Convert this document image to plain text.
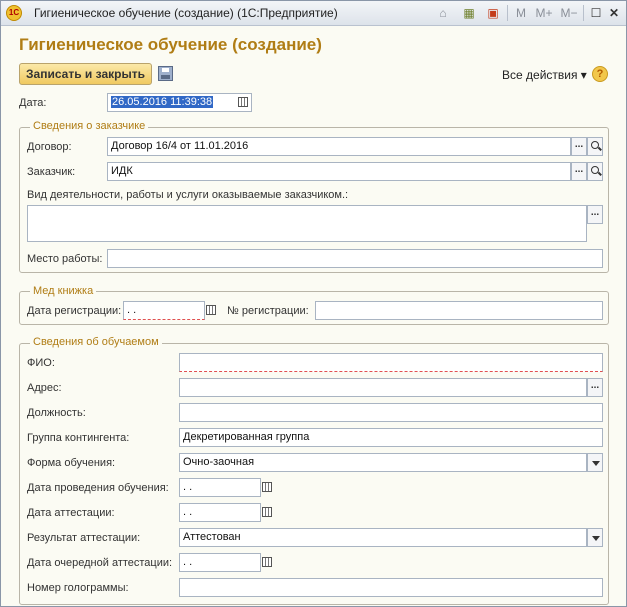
1С Гигиеническое обучение (создание) (1С:Предприятие)	⌂	▦ ▣ M M+ M− ☐ ✕
Гигиеническое обучение (создание)
Записать и закрыть	Все действия ▾ ?
Дата:	26.05.2016 11:39:38
Сведения о заказчике
Договор:	Договор 16/4 от 11.01.2016	...
Заказчик:	ИДК	...
Вид деятельности, работы и услуги оказываемые заказчиком.:
...
Место работы:
Мед книжка
Дата регистрации: . .	№ регистрации:
Сведения об обучаемом
ФИО:
Адрес:	...
Должность:
Группа контингента:	Декретированная группа
Форма обучения:	Очно-заочная
Дата проведения обучения:	. .
Дата аттестации:	. .
Результат аттестации:	Аттестован
Дата очередной аттестации: . .
Номер голограммы:
